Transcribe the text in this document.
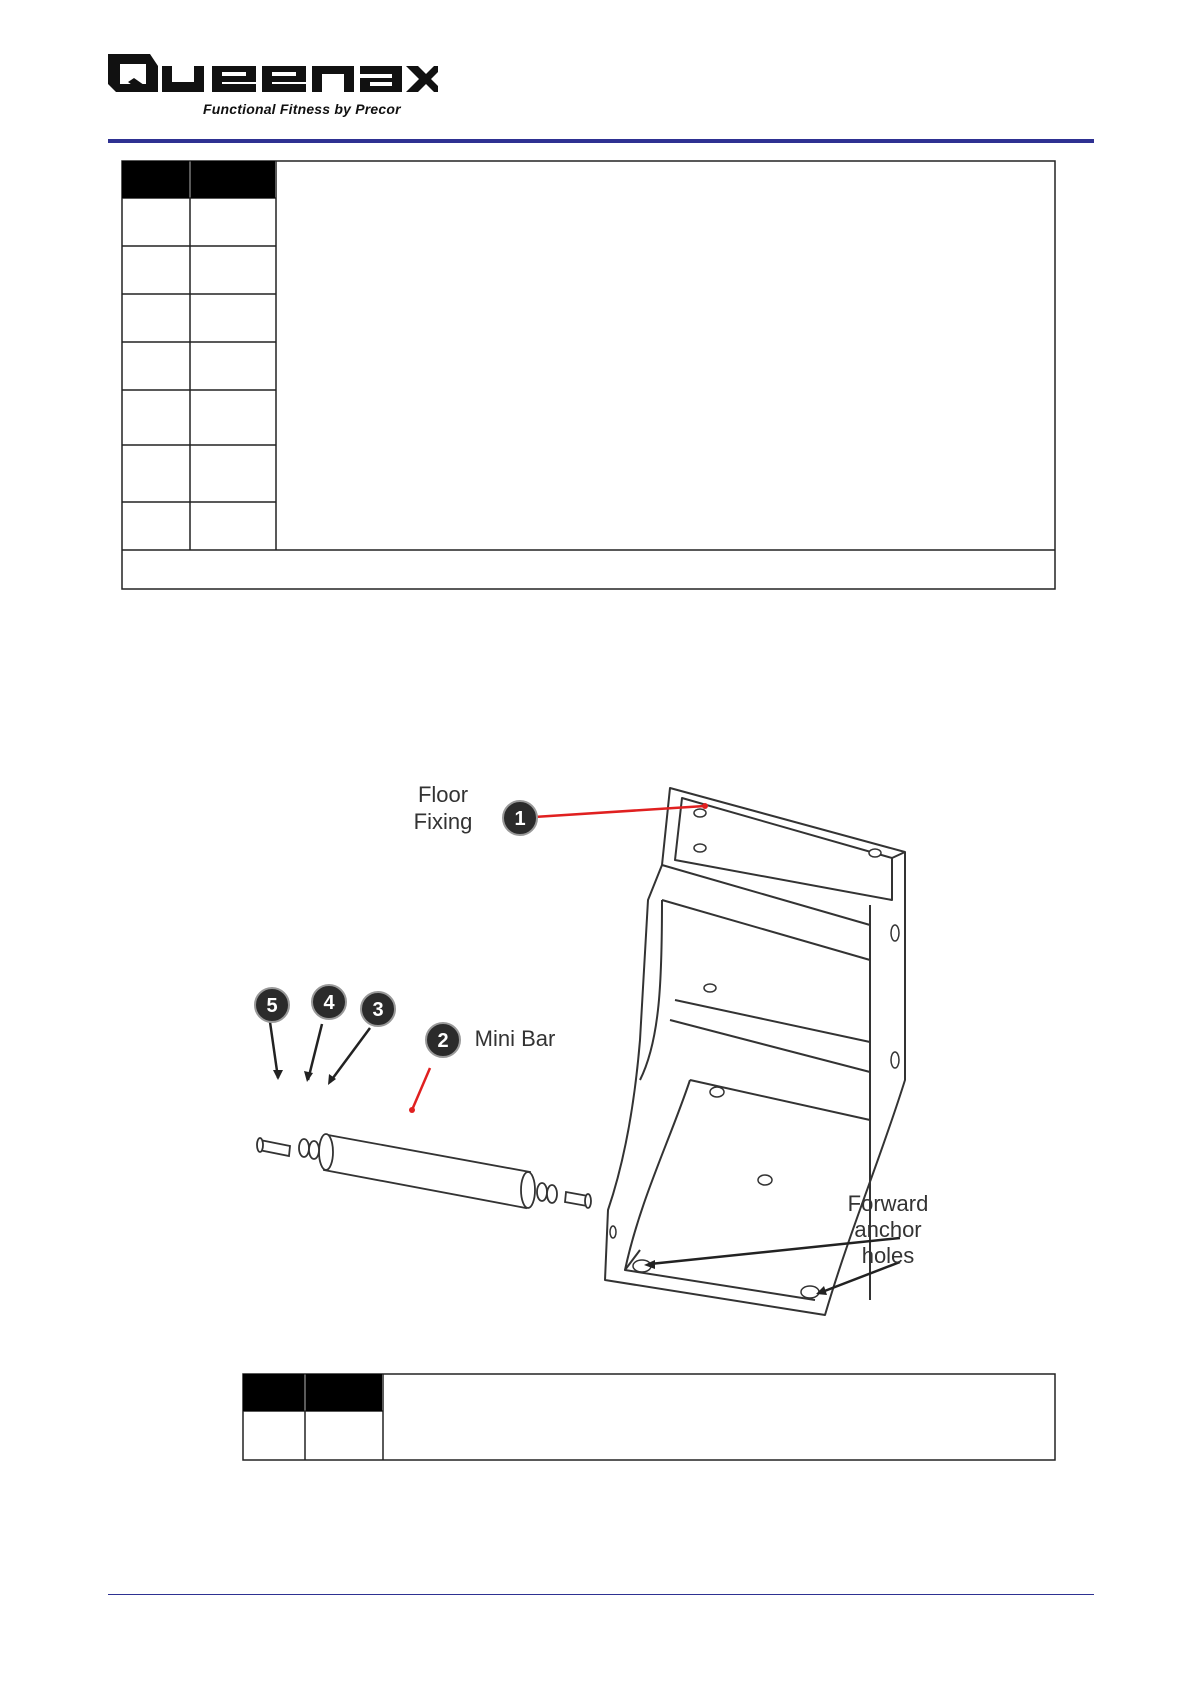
Functional Fitness by Precor
1
2
3
4
5
Floor
Fixing
Mini Bar
Forward
anchor
holes
